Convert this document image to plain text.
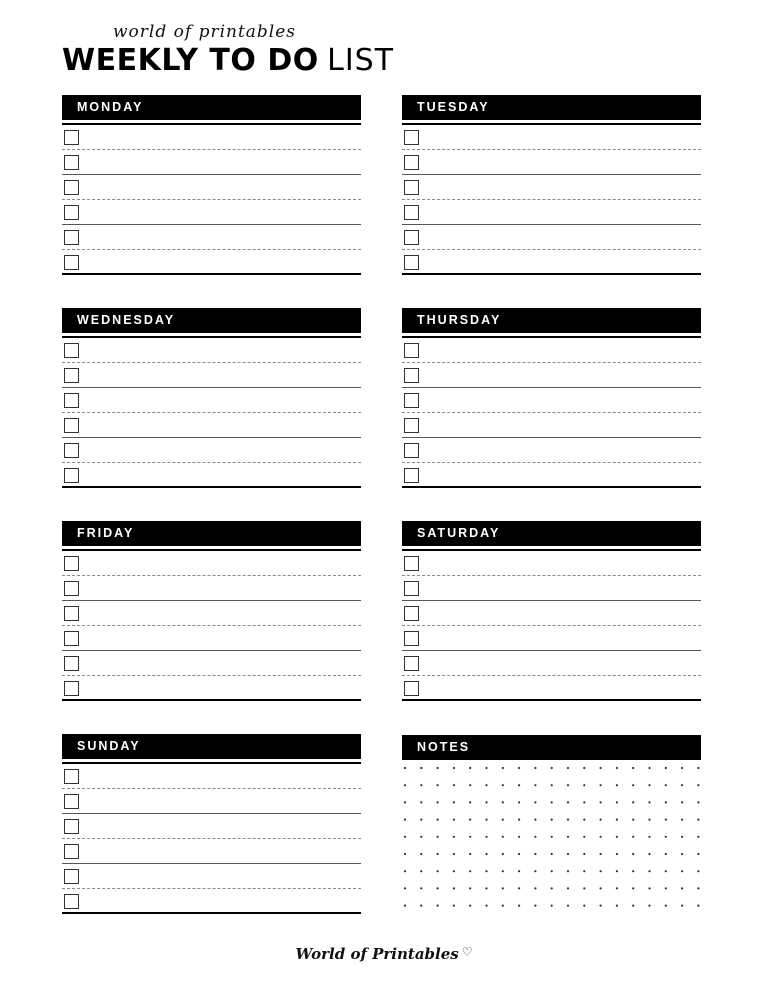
world of printables
WEEKLY TO DO LIST
MONDAY	TUESDAY
WEDNESDAY	THURSDAY
FRIDAY	SATURDAY
SUNDAY	NOTES
World of Printables ♡
